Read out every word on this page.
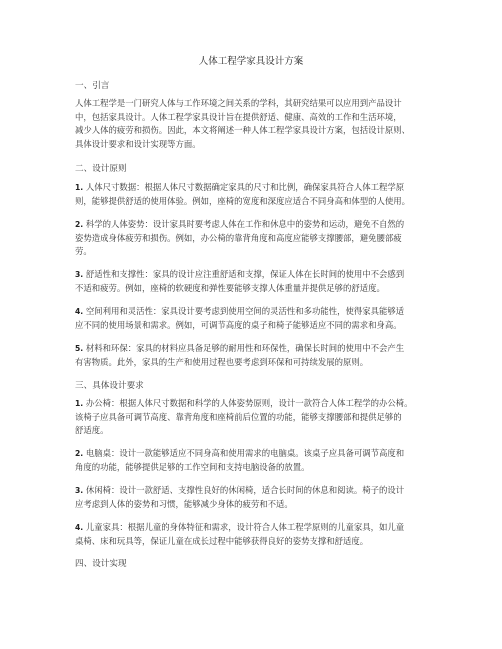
人体工程学家具设计方案
一、引言
人体工程学是一门研究人体与工作环境之间关系的学科，其研究结果可以应用到产品设计
中，包括家具设计。人体工程学家具设计旨在提供舒适、健康、高效的工作和生活环境，
减少人体的疲劳和损伤。因此，本文将阐述一种人体工程学家具设计方案，包括设计原则、
具体设计要求和设计实现等方面。
二、设计原则
1. 人体尺寸数据：根据人体尺寸数据确定家具的尺寸和比例，确保家具符合人体工程学原
则，能够提供舒适的使用体验。例如，座椅的宽度和深度应适合不同身高和体型的人使用。
2. 科学的人体姿势：设计家具时要考虑人体在工作和休息中的姿势和运动，避免不自然的
姿势造成身体疲劳和损伤。例如，办公椅的靠背角度和高度应能够支撑腰部，避免腰部疲
劳。
3. 舒适性和支撑性：家具的设计应注重舒适和支撑，保证人体在长时间的使用中不会感到
不适和疲劳。例如，座椅的软硬度和弹性要能够支撑人体重量并提供足够的舒适度。
4. 空间利用和灵活性：家具设计要考虑到使用空间的灵活性和多功能性，使得家具能够适
应不同的使用场景和需求。例如，可调节高度的桌子和椅子能够适应不同的需求和身高。
5. 材料和环保：家具的材料应具备足够的耐用性和环保性，确保长时间的使用中不会产生
有害物质。此外，家具的生产和使用过程也要考虑到环保和可持续发展的原则。
三、具体设计要求
1. 办公椅：根据人体尺寸数据和科学的人体姿势原则，设计一款符合人体工程学的办公椅。
该椅子应具备可调节高度、靠背角度和座椅前后位置的功能，能够支撑腰部和提供足够的
舒适度。
2. 电脑桌：设计一款能够适应不同身高和使用需求的电脑桌。该桌子应具备可调节高度和
角度的功能，能够提供足够的工作空间和支持电脑设备的放置。
3. 休闲椅：设计一款舒适、支撑性良好的休闲椅，适合长时间的休息和阅读。椅子的设计
应考虑到人体的姿势和习惯，能够减少身体的疲劳和不适。
4. 儿童家具：根据儿童的身体特征和需求，设计符合人体工程学原则的儿童家具，如儿童
桌椅、床和玩具等，保证儿童在成长过程中能够获得良好的姿势支撑和舒适度。
四、设计实现
